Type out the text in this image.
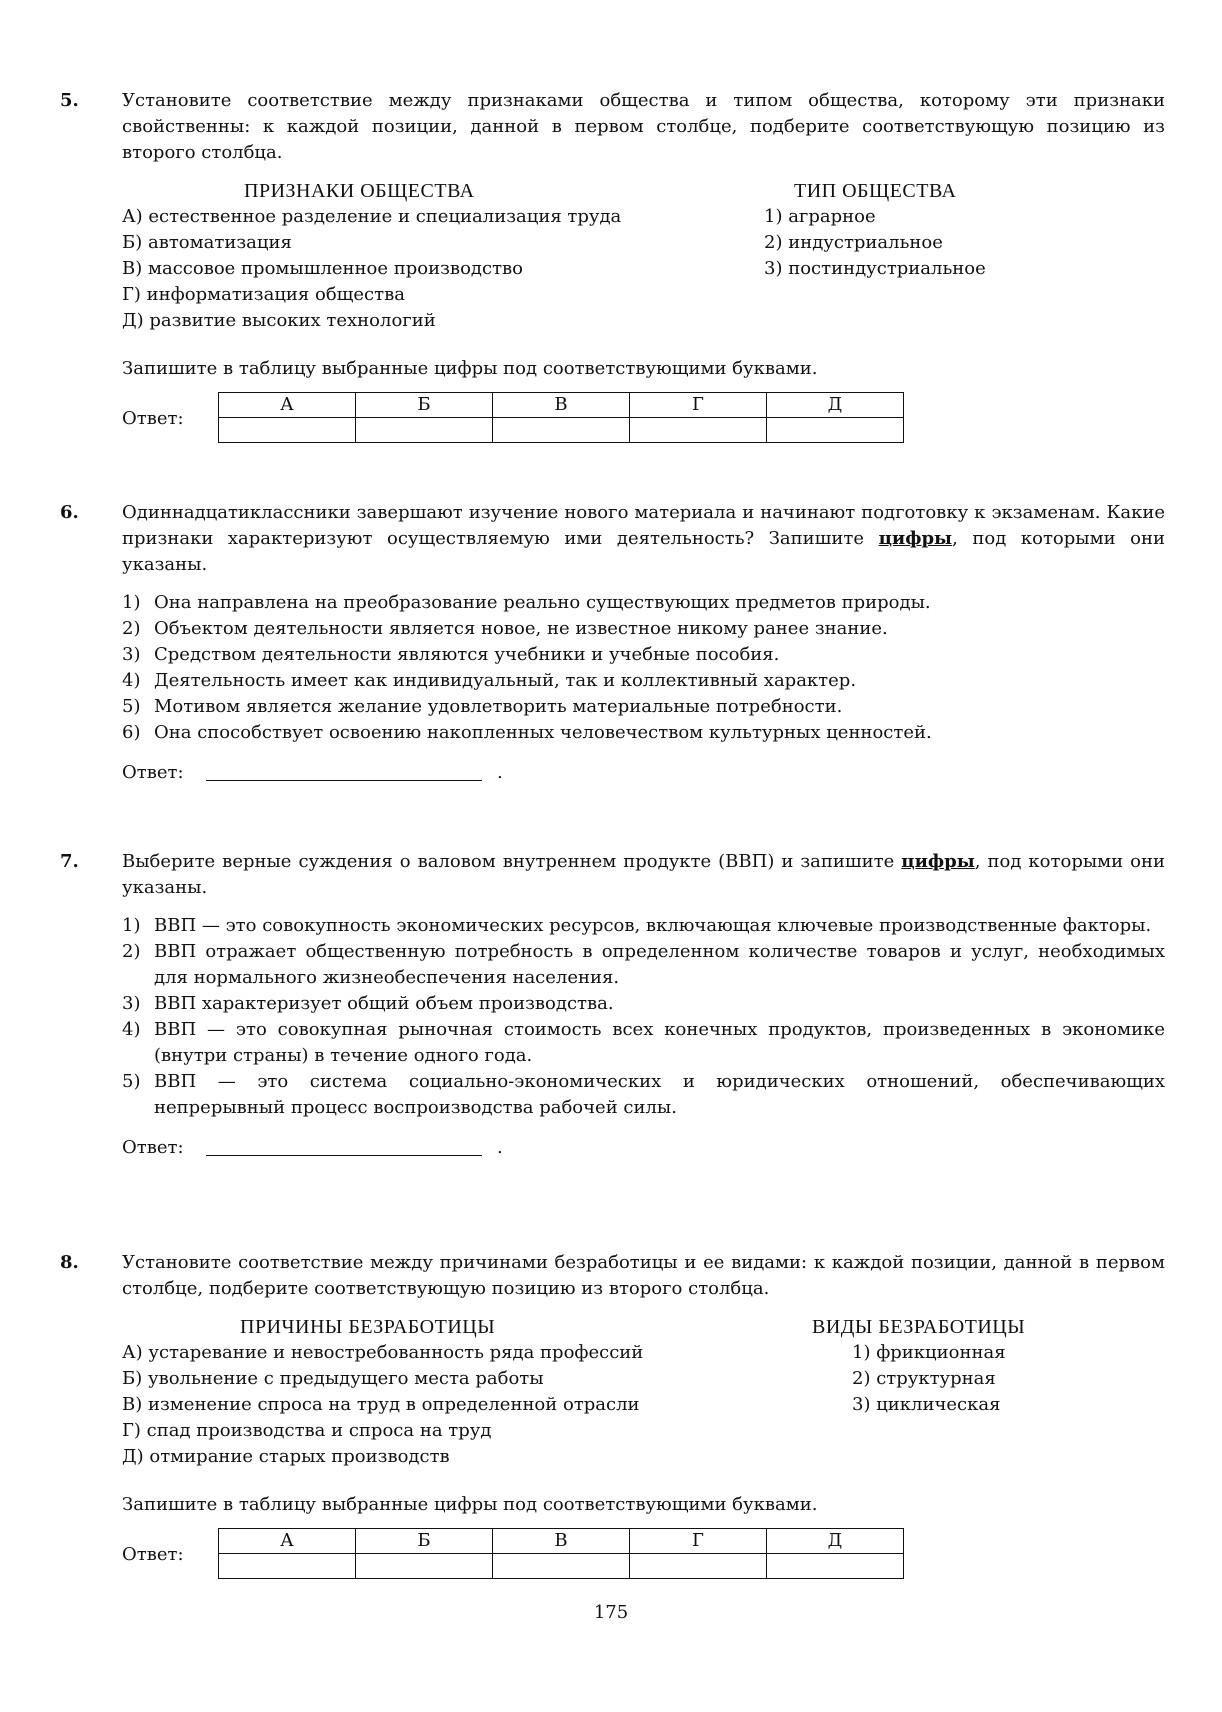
5.	Установите соответствие между признаками общества и типом общества, которому эти признаки свойственны: к каждой позиции, данной в первом столбце, подберите соответствующую позицию из второго столбца.
ПРИЗНАКИ ОБЩЕСТВА
А) естественное разделение и специализация труда
Б) автоматизация
В) массовое промышленное производство
Г) информатизация общества
Д) развитие высоких технологий
ТИП ОБЩЕСТВА
1) аграрное
2) индустриальное
3) постиндустриальное
Запишите в таблицу выбранные цифры под соответствующими буквами.
Ответ:
А	Б	В	Г	Д

6.	Одиннадцатиклассники завершают изучение нового материала и начинают подготовку к экзаменам. Какие признаки характеризуют осуществляемую ими деятельность? Запишите цифры, под которыми они указаны.
1) Она направлена на преобразование реально существующих предметов природы.
2) Объектом деятельности является новое, не известное никому ранее знание.
3) Средством деятельности являются учебники и учебные пособия.
4) Деятельность имеет как индивидуальный, так и коллективный характер.
5) Мотивом является желание удовлетворить материальные потребности.
6) Она способствует освоению накопленных человечеством культурных ценностей.
Ответ:	.
7.	Выберите верные суждения о валовом внутреннем продукте (ВВП) и запишите цифры, под которыми они указаны.
1) ВВП — это совокупность экономических ресурсов, включающая ключевые производственные факторы.
2) ВВП отражает общественную потребность в определенном количестве товаров и услуг, необходимых для нормального жизнеобеспечения населения.
3) ВВП характеризует общий объем производства.
4) ВВП — это совокупная рыночная стоимость всех конечных продуктов, произведенных в экономике (внутри страны) в течение одного года.
5) ВВП — это система социально-экономических и юридических отношений, обеспечивающих непрерывный процесс воспроизводства рабочей силы.
Ответ:	.
8.	Установите соответствие между причинами безработицы и ее видами: к каждой позиции, данной в первом столбце, подберите соответствующую позицию из второго столбца.
ПРИЧИНЫ БЕЗРАБОТИЦЫ
А) устаревание и невостребованность ряда профессий
Б) увольнение с предыдущего места работы
В) изменение спроса на труд в определенной отрасли
Г) спад производства и спроса на труд
Д) отмирание старых производств
ВИДЫ БЕЗРАБОТИЦЫ
1) фрикционная
2) структурная
3) циклическая
Запишите в таблицу выбранные цифры под соответствующими буквами.
Ответ:
А	Б	В	Г	Д

175
